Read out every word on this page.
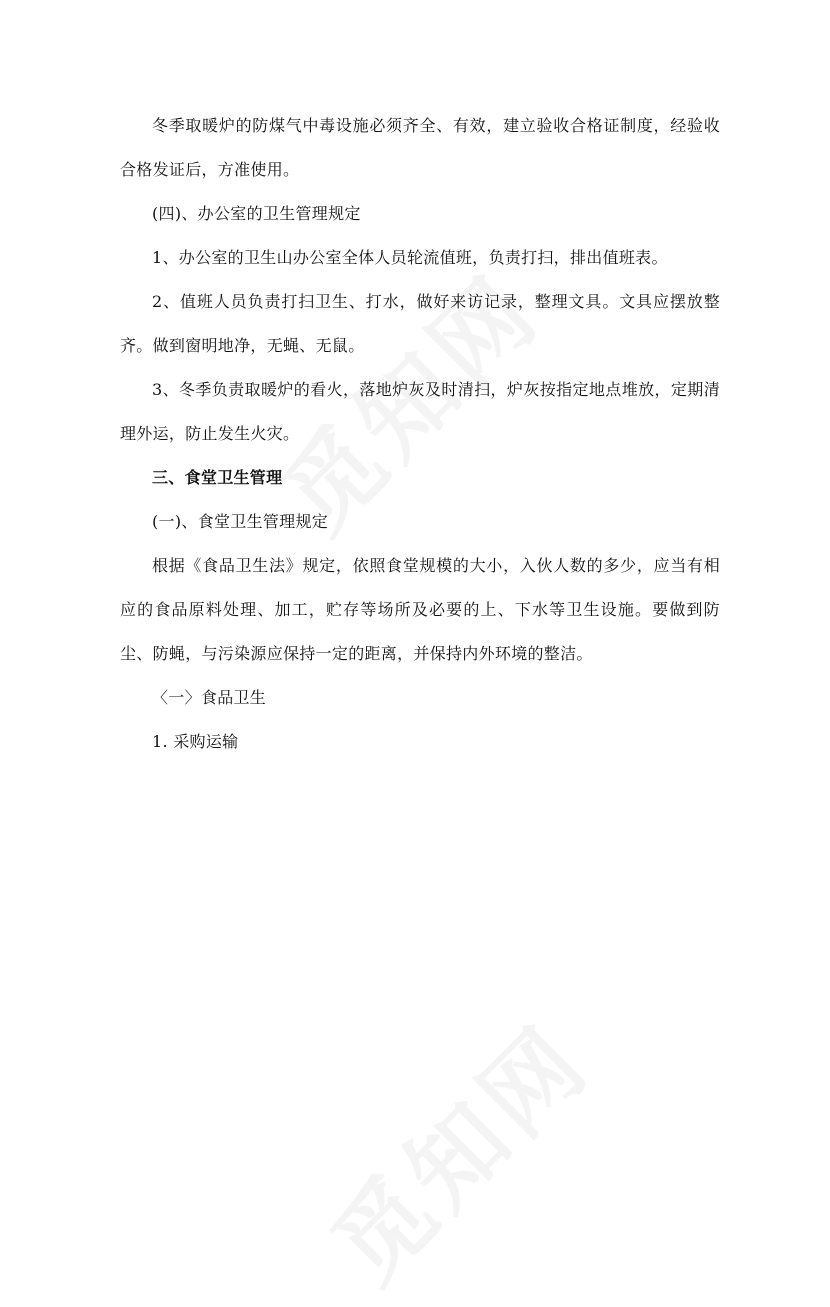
冬季取暖炉的防煤气中毒设施必须齐全、有效，建立验收合格证制度，经验收合格发证后，方准使用。

(四)、办公室的卫生管理规定

1、办公室的卫生山办公室全体人员轮流值班，负责打扫，排出值班表。

2、值班人员负责打扫卫生、打水，做好来访记录，整理文具。文具应摆放整齐。做到窗明地净，无蝇、无鼠。

3、冬季负责取暖炉的看火，落地炉灰及时清扫，炉灰按指定地点堆放，定期清理外运，防止发生火灾。

三、食堂卫生管理

(一)、食堂卫生管理规定

根据《食品卫生法》规定，依照食堂规模的大小，入伙人数的多少，应当有相应的食品原料处理、加工，贮存等场所及必要的上、下水等卫生设施。要做到防尘、防蝇，与污染源应保持一定的距离，并保持内外环境的整洁。

〈一〉食品卫生

1. 采购运输
